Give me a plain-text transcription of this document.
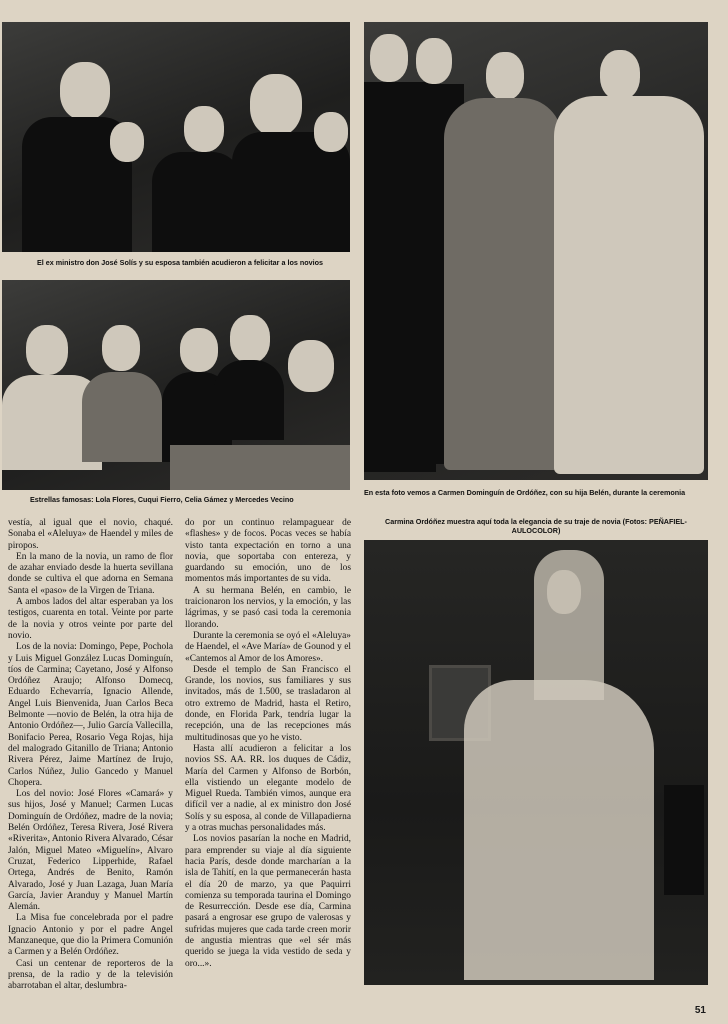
El ex ministro don José Solís y su esposa también acudieron a felicitar a los novios
Estrellas famosas: Lola Flores, Cuqui Fierro, Celia Gámez y Mercedes Vecino
En esta foto vemos a Carmen Dominguín de Ordóñez, con su hija Belén, durante la ceremonia
Carmina Ordóñez muestra aquí toda la elegancia de su traje de novia (Fotos: PEÑAFIEL-AULOCOLOR)

vestía, al igual que el novio, chaqué. Sonaba el «Aleluya» de Haendel y miles de piropos.

En la mano de la novia, un ramo de flor de azahar enviado desde la huerta sevillana donde se cultiva el que adorna en Semana Santa el «paso» de la Virgen de Triana.

A ambos lados del altar esperaban ya los testigos, cuarenta en total. Veinte por parte de la novia y otros veinte por parte del novio.

Los de la novia: Domingo, Pepe, Pochola y Luis Miguel González Lucas Dominguín, tíos de Carmina; Cayetano, José y Alfonso Ordóñez Araujo; Alfonso Domecq, Eduardo Echevarría, Ignacio Allende, Angel Luis Bienvenida, Juan Carlos Beca Belmonte —novio de Belén, la otra hija de Antonio Ordóñez—, Julio García Vallecilla, Bonifacio Perea, Rosario Vega Rojas, hija del malogrado Gitanillo de Triana; Antonio Rivera Pérez, Jaime Martínez de Irujo, Carlos Núñez, Julio Gancedo y Manuel Chopera.

Los del novio: José Flores «Camará» y sus hijos, José y Manuel; Carmen Lucas Dominguín de Ordóñez, madre de la novia; Belén Ordóñez, Teresa Rivera, José Rivera «Riverita», Antonio Rivera Alvarado, César Jalón, Miguel Mateo «Miguelín», Alvaro Cruzat, Federico Lipperhide, Rafael Ortega, Andrés de Benito, Ramón Alvarado, José y Juan Lazaga, Juan María García, Javier Aranduy y Manuel Martín Alemán.

La Misa fue concelebrada por el padre Ignacio Antonio y por el padre Angel Manzaneque, que dio la Primera Comunión a Carmen y a Belén Ordóñez.

Casi un centenar de reporteros de la prensa, de la radio y de la televisión abarrotaban el altar, deslumbra-

do por un continuo relampaguear de «flashes» y de focos. Pocas veces se había visto tanta expectación en torno a una novia, que soportaba con entereza, y guardando su emoción, uno de los momentos más importantes de su vida.

A su hermana Belén, en cambio, le traicionaron los nervios, y la emoción, y las lágrimas, y se pasó casi toda la ceremonia llorando.

Durante la ceremonia se oyó el «Aleluya» de Haendel, el «Ave María» de Gounod y el «Cantemos al Amor de los Amores».

Desde el templo de San Francisco el Grande, los novios, sus familiares y sus invitados, más de 1.500, se trasladaron al otro extremo de Madrid, hasta el Retiro, donde, en Florida Park, tendría lugar la recepción, una de las recepciones más multitudinosas que yo he visto.

Hasta allí acudieron a felicitar a los novios SS. AA. RR. los duques de Cádiz, María del Carmen y Alfonso de Borbón, ella vistiendo un elegante modelo de Miguel Rueda. También vimos, aunque era difícil ver a nadie, al ex ministro don José Solís y su esposa, al conde de Villapadierna y a otras muchas personalidades más.

Los novios pasarían la noche en Madrid, para emprender su viaje al día siguiente hacia París, desde donde marcharían a la isla de Tahití, en la que permanecerán hasta el día 20 de marzo, ya que Paquirri comienza su temporada taurina el Domingo de Resurrección. Desde ese día, Carmina pasará a engrosar ese grupo de valerosas y sufridas mujeres que cada tarde creen morir de angustia mientras que «el sér más querido se juega la vida vestido de seda y oro...».

51
